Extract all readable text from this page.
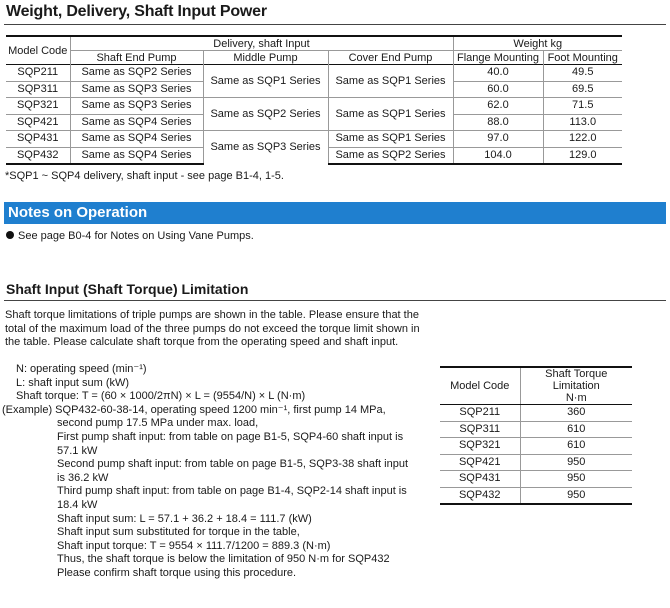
Weight, Delivery, Shaft Input Power
Model Code	Delivery, shaft Input			Weight kg	
	Shaft End Pump	Middle Pump	Cover End Pump	Flange Mounting	Foot Mounting
SQP211	Same as SQP2 Series	Same as SQP1 Series	Same as SQP1 Series	40.0	49.5
SQP311	Same as SQP3 Series			60.0	69.5
SQP321	Same as SQP3 Series	Same as SQP2 Series	Same as SQP1 Series	62.0	71.5
SQP421	Same as SQP4 Series			88.0	113.0
SQP431	Same as SQP4 Series	Same as SQP3 Series	Same as SQP1 Series	97.0	122.0
SQP432	Same as SQP4 Series		Same as SQP2 Series	104.0	129.0
*SQP1 ~ SQP4 delivery, shaft input - see page B1-4, 1-5.
Notes on Operation
See page B0-4 for Notes on Using Vane Pumps.
Shaft Input (Shaft Torque) Limitation
Shaft torque limitations of triple pumps are shown in the table. Please ensure that the total of the maximum load of the three pumps do not exceed the torque limit shown in the table. Please calculate shaft torque from the operating speed and shaft input.
N: operating speed (min⁻¹)
L: shaft input sum (kW)
Shaft torque: T = (60 × 1000/2πN) × L = (9554/N) × L (N·m)
(Example) SQP432-60-38-14, operating speed 1200 min⁻¹, first pump 14 MPa,
second pump 17.5 MPa under max. load,
First pump shaft input: from table on page B1-5, SQP4-60 shaft input is
57.1 kW
Second pump shaft input: from table on page B1-5, SQP3-38 shaft input
is 36.2 kW
Third pump shaft input: from table on page B1-4, SQP2-14 shaft input is
18.4 kW
Shaft input sum: L = 57.1 + 36.2 + 18.4 = 111.7 (kW)
Shaft input sum substituted for torque in the table,
Shaft input torque: T = 9554 × 111.7/1200 = 889.3 (N·m)
Thus, the shaft torque is below the limitation of 950 N·m for SQP432
Please confirm shaft torque using this procedure.
Model Code	Shaft Torque Limitation
N·m

SQP211	360
SQP311	610
SQP321	610
SQP421	950
SQP431	950
SQP432	950
